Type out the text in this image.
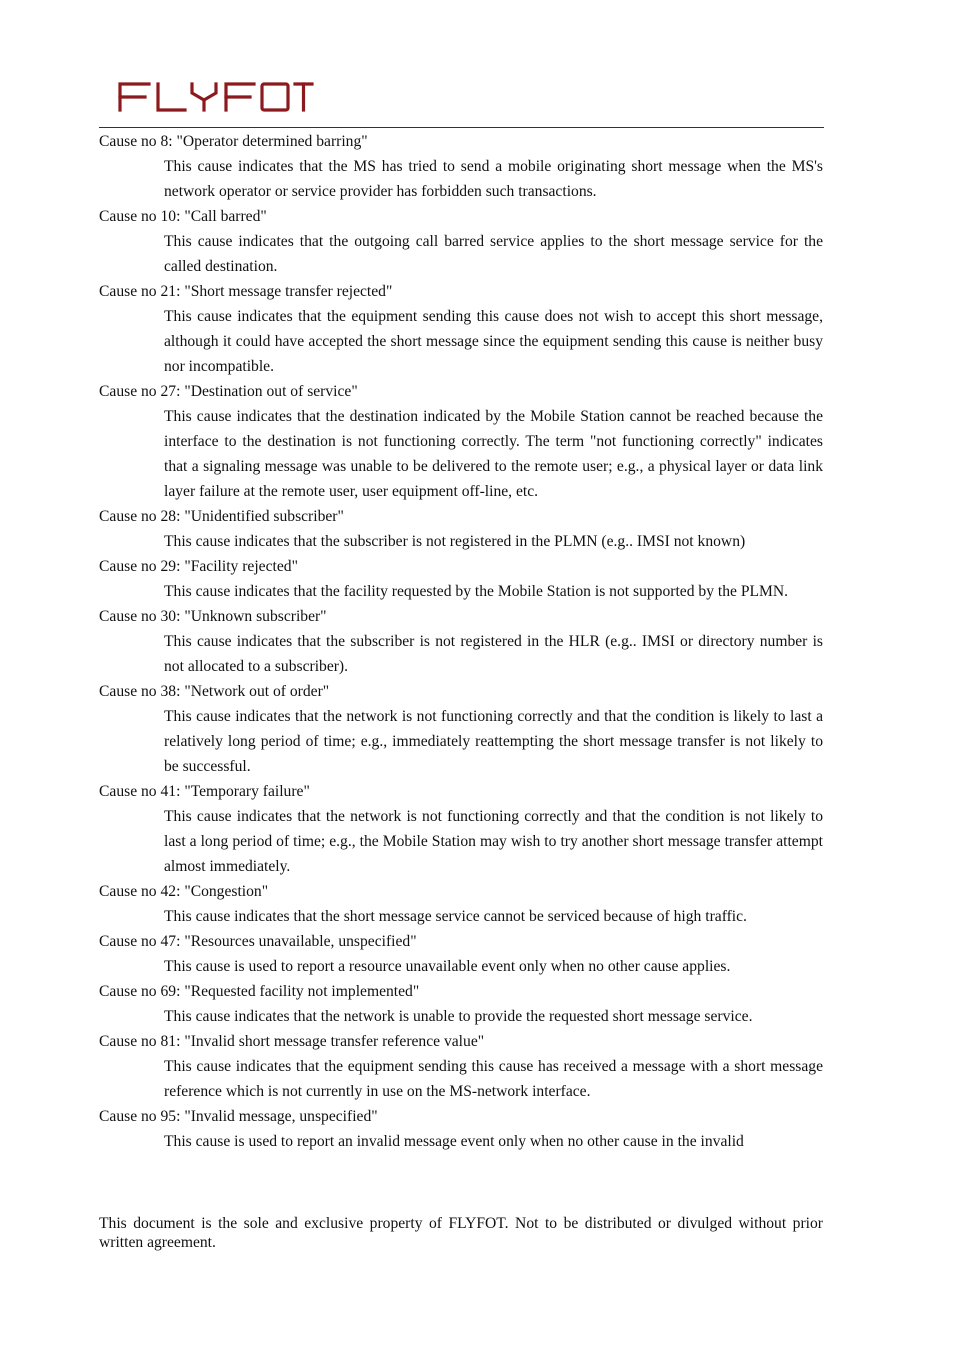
Cause no 8: "Operator determined barring"
This cause indicates that the MS has tried to send a mobile originating short message when the MS's network operator or service provider has forbidden such transactions.
Cause no 10: "Call barred"
This cause indicates that the outgoing call barred service applies to the short message service for the called destination.
Cause no 21: "Short message transfer rejected"
This cause indicates that the equipment sending this cause does not wish to accept this short message, although it could have accepted the short message since the equipment sending this cause is neither busy nor incompatible.
Cause no 27: "Destination out of service"
This cause indicates that the destination indicated by the Mobile Station cannot be reached because the interface to the destination is not functioning correctly. The term "not functioning correctly" indicates that a signaling message was unable to be delivered to the remote user; e.g., a physical layer or data link layer failure at the remote user, user equipment off-line, etc.
Cause no 28: "Unidentified subscriber"
This cause indicates that the subscriber is not registered in the PLMN (e.g.. IMSI not known)
Cause no 29: "Facility rejected"
This cause indicates that the facility requested by the Mobile Station is not supported by the PLMN.
Cause no 30: "Unknown subscriber"
This cause indicates that the subscriber is not registered in the HLR (e.g.. IMSI or directory number is not allocated to a subscriber).
Cause no 38: "Network out of order"
This cause indicates that the network is not functioning correctly and that the condition is likely to last a relatively long period of time; e.g., immediately reattempting the short message transfer is not likely to be successful.
Cause no 41: "Temporary failure"
This cause indicates that the network is not functioning correctly and that the condition is not likely to last a long period of time; e.g., the Mobile Station may wish to try another short message transfer attempt almost immediately.
Cause no 42: "Congestion"
This cause indicates that the short message service cannot be serviced because of high traffic.
Cause no 47: "Resources unavailable, unspecified"
This cause is used to report a resource unavailable event only when no other cause applies.
Cause no 69: "Requested facility not implemented"
This cause indicates that the network is unable to provide the requested short message service.
Cause no 81: "Invalid short message transfer reference value"
This cause indicates that the equipment sending this cause has received a message with a short message reference which is not currently in use on the MS-network interface.
Cause no 95: "Invalid message, unspecified"
This cause is used to report an invalid message event only when no other cause in the invalid
This document is the sole and exclusive property of FLYFOT. Not to be distributed or divulged without prior written agreement.
